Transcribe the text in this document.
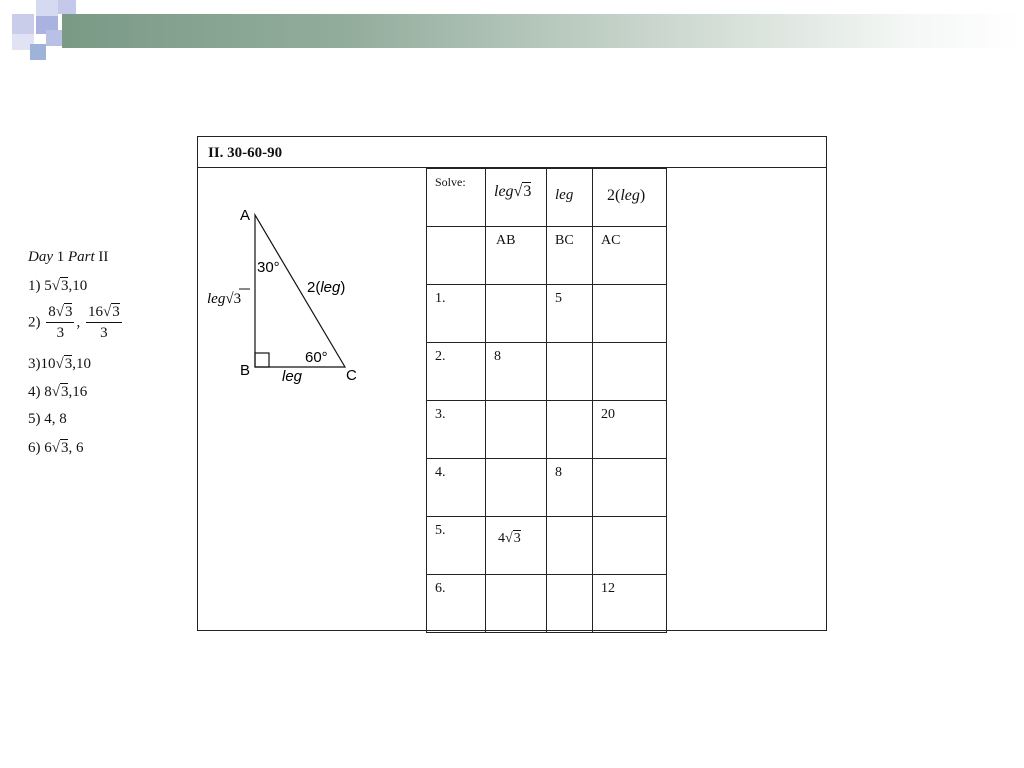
Day 1 Part II
1) 5√3,10
$2) \frac{8√3}{3}$ , $\frac{16√3}{3}$
3)10√3,10
4) 8√3,16
5) 4, 8
6) 6√3, 6
II. 30-60-90
A
B	C
30°
60°
leg
2(leg)
leg√3
Solve:	leg√3	leg	2(leg)
	AB	BC	AC
1.		5	
2.	8		
3.			20
4.		8	
5.	4√3		
6.			12
